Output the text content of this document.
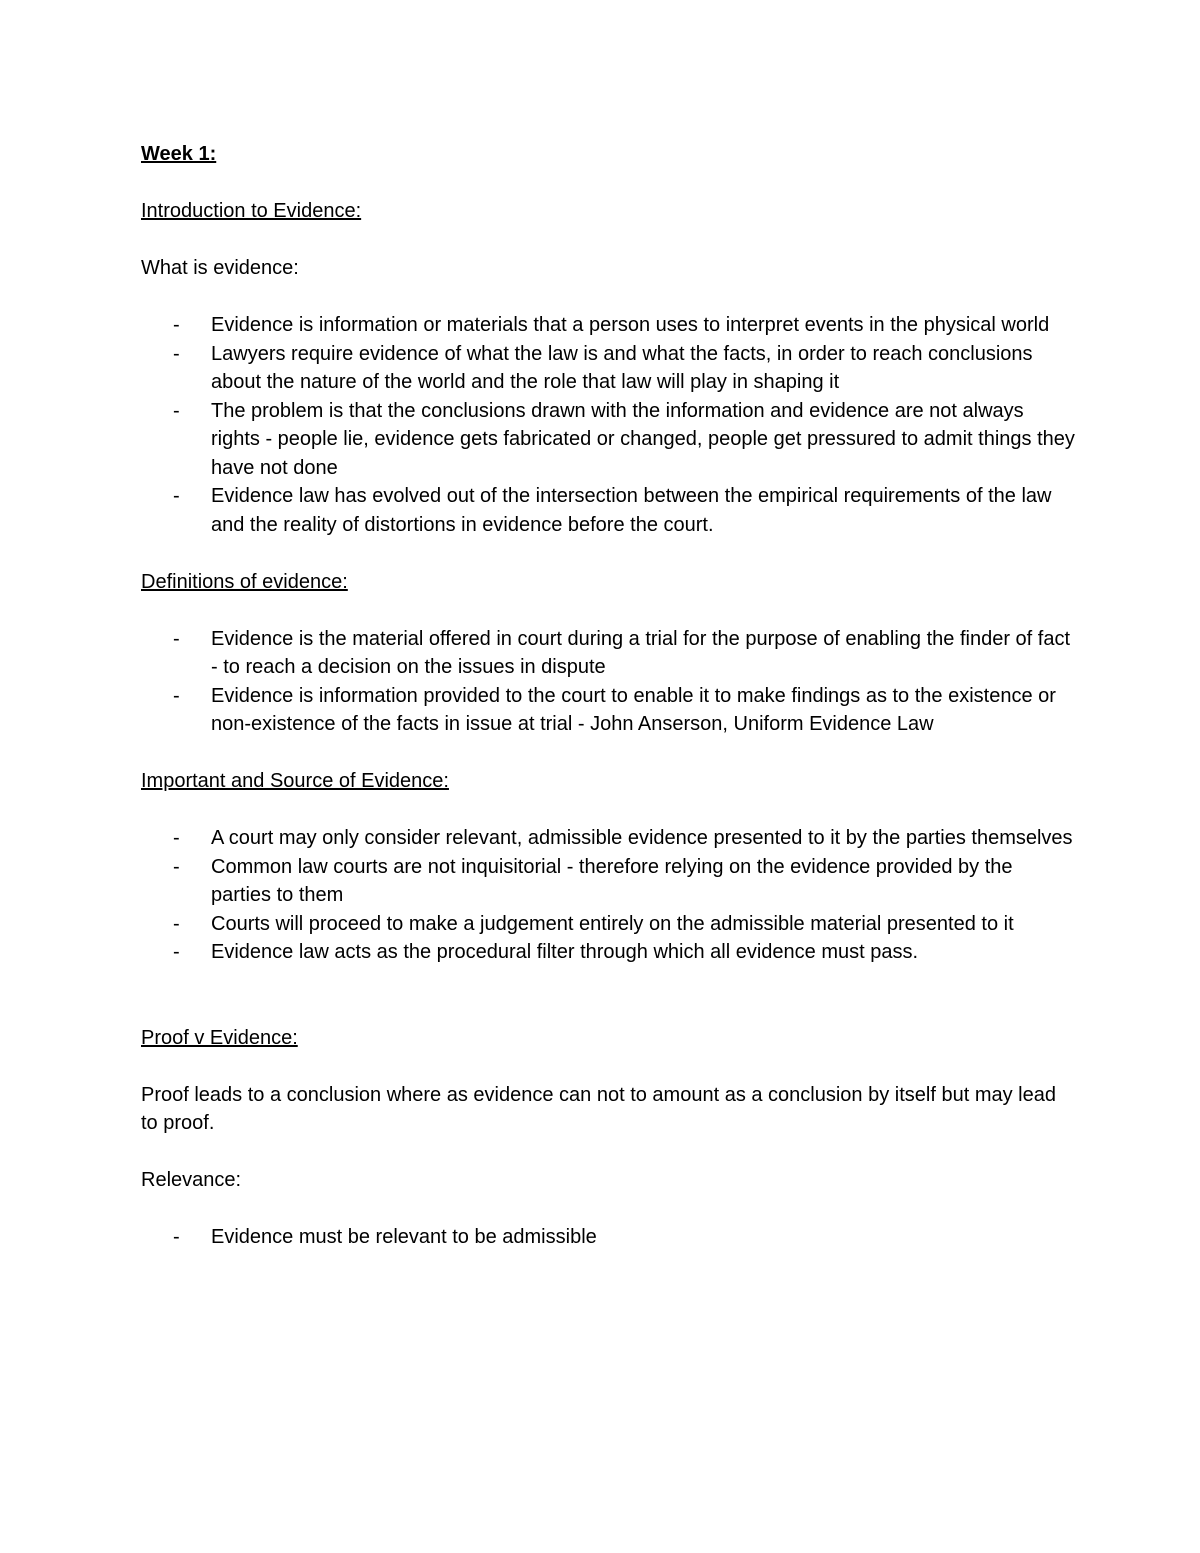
Week 1:

Introduction to Evidence:

What is evidence:

- Evidence is information or materials that a person uses to interpret events in the physical world
- Lawyers require evidence of what the law is and what the facts, in order to reach conclusions about the nature of the world and the role that law will play in shaping it
- The problem is that the conclusions drawn with the information and evidence are not always rights - people lie, evidence gets fabricated or changed, people get pressured to admit things they have not done
- Evidence law has evolved out of the intersection between the empirical requirements of the law and the reality of distortions in evidence before the court.

Definitions of evidence:

- Evidence is the material offered in court during a trial for the purpose of enabling the finder of fact - to reach a decision on the issues in dispute
- Evidence is information provided to the court to enable it to make findings as to the existence or non-existence of the facts in issue at trial - John Anserson, Uniform Evidence Law

Important and Source of Evidence:

- A court may only consider relevant, admissible evidence presented to it by the parties themselves
- Common law courts are not inquisitorial - therefore relying on the evidence provided by the parties to them
- Courts will proceed to make a judgement entirely on the admissible material presented to it
- Evidence law acts as the procedural filter through which all evidence must pass.

Proof v Evidence:

Proof leads to a conclusion where as evidence can not to amount as a conclusion by itself but may lead to proof.

Relevance:

- Evidence must be relevant to be admissible
